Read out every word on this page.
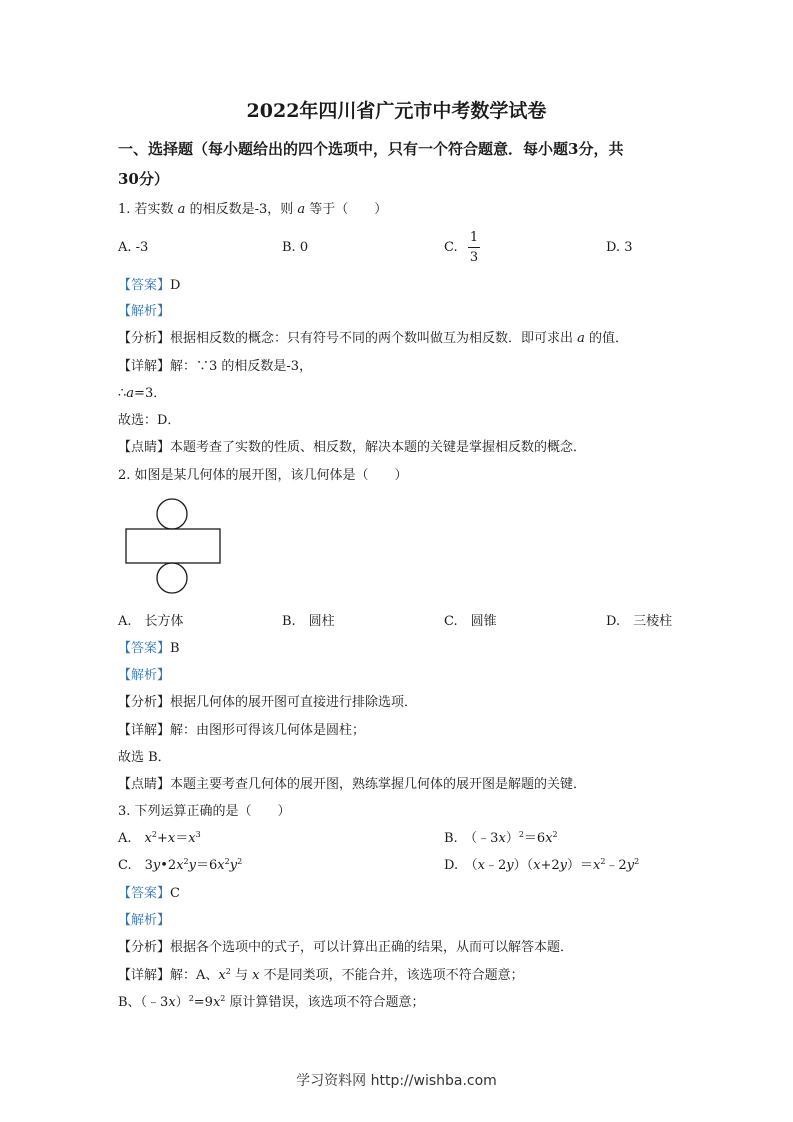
2022年四川省广元市中考数学试卷
一、选择题（每小题给出的四个选项中，只有一个符合题意．每小题3分，共
30分）
1. 若实数 a 的相反数是-3，则 a 等于（　　）
A. -3	B. 0	C.
1
3
D. 3
【答案】D
【解析】
【分析】根据相反数的概念：只有符号不同的两个数叫做互为相反数．即可求出 a 的值．
【详解】解：∵3 的相反数是-3，
∴a=3．
故选：D．
【点睛】本题考查了实数的性质、相反数，解决本题的关键是掌握相反数的概念．
2. 如图是某几何体的展开图，该几何体是（　　）
A.　长方体	B.　圆柱	C.　圆锥	D.　三棱柱
【答案】B
【解析】
【分析】根据几何体的展开图可直接进行排除选项．
【详解】解：由图形可得该几何体是圆柱；
故选 B．
【点睛】本题主要考查几何体的展开图，熟练掌握几何体的展开图是解题的关键．
3. 下列运算正确的是（　　）
A.　$x^2+x=x^3$	B.　$(﹣3x)^2=6x^2$
C.　$3y•2x^2y=6x^2y^2$	D.　$(x﹣2y)(x+2y)=x^2﹣2y^2$
【答案】C
【解析】
【分析】根据各个选项中的式子，可以计算出正确的结果，从而可以解答本题．
【详解】解：A、$x^2$ 与 x 不是同类项，不能合并，该选项不符合题意；
B、$(﹣3x)^2=9x^2$ 原计算错误，该选项不符合题意；
学习资料网 http://wishba.com
